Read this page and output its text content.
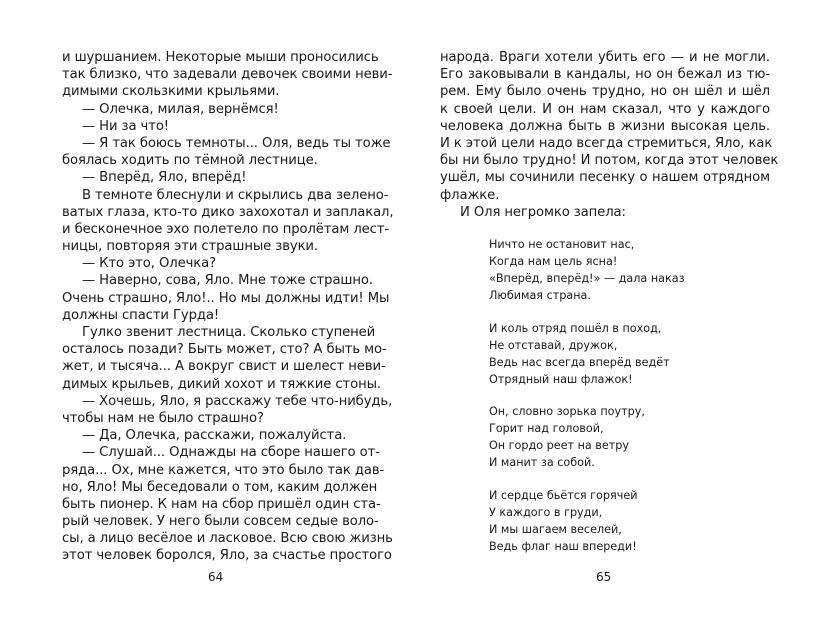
и шуршанием. Некоторые мыши проносились
так близко, что задевали девочек своими неви-
димыми скользкими крыльями.
— Олечка, милая, вернёмся!
— Ни за что!
— Я так боюсь темноты... Оля, ведь ты тоже
боялась ходить по тёмной лестнице.
— Вперёд, Яло, вперёд!
В темноте блеснули и скрылись два зелено-
ватых глаза, кто-то дико захохотал и заплакал,
и бесконечное эхо полетело по пролётам лест-
ницы, повторяя эти страшные звуки.
— Кто это, Олечка?
— Наверно, сова, Яло. Мне тоже страшно.
Очень страшно, Яло!.. Но мы должны идти! Мы
должны спасти Гурда!
Гулко звенит лестница. Сколько ступеней
осталось позади? Быть может, сто? А быть мо-
жет, и тысяча... А вокруг свист и шелест неви-
димых крыльев, дикий хохот и тяжкие стоны.
— Хочешь, Яло, я расскажу тебе что-нибудь,
чтобы нам не было страшно?
— Да, Олечка, расскажи, пожалуйста.
— Слушай... Однажды на сборе нашего от-
ряда... Ох, мне кажется, что это было так дав-
но, Яло! Мы беседовали о том, каким должен
быть пионер. К нам на сбор пришёл один ста-
рый человек. У него были совсем седые воло-
сы, а лицо весёлое и ласковое. Всю свою жизнь
этот человек боролся, Яло, за счастье простого
народа. Враги хотели убить его — и не могли.
Его заковывали в кандалы, но он бежал из тю-
рем. Ему было очень трудно, но он шёл и шёл
к своей цели. И он нам сказал, что у каждого
человека должна быть в жизни высокая цель.
И к этой цели надо всегда стремиться, Яло, как
бы ни было трудно! И потом, когда этот человек
ушёл, мы сочинили песенку о нашем отрядном
флажке.
И Оля негромко запела:
Ничто не остановит нас,
Когда нам цель ясна!
«Вперёд, вперёд!» — дала наказ
Любимая страна.
И коль отряд пошёл в поход,
Не отставай, дружок,
Ведь нас всегда вперёд ведёт
Отрядный наш флажок!
Он, словно зорька поутру,
Горит над головой,
Он гордо реет на ветру
И манит за собой.
И сердце бьётся горячей
У каждого в груди,
И мы шагаем веселей,
Ведь флаг наш впереди!
64	65
